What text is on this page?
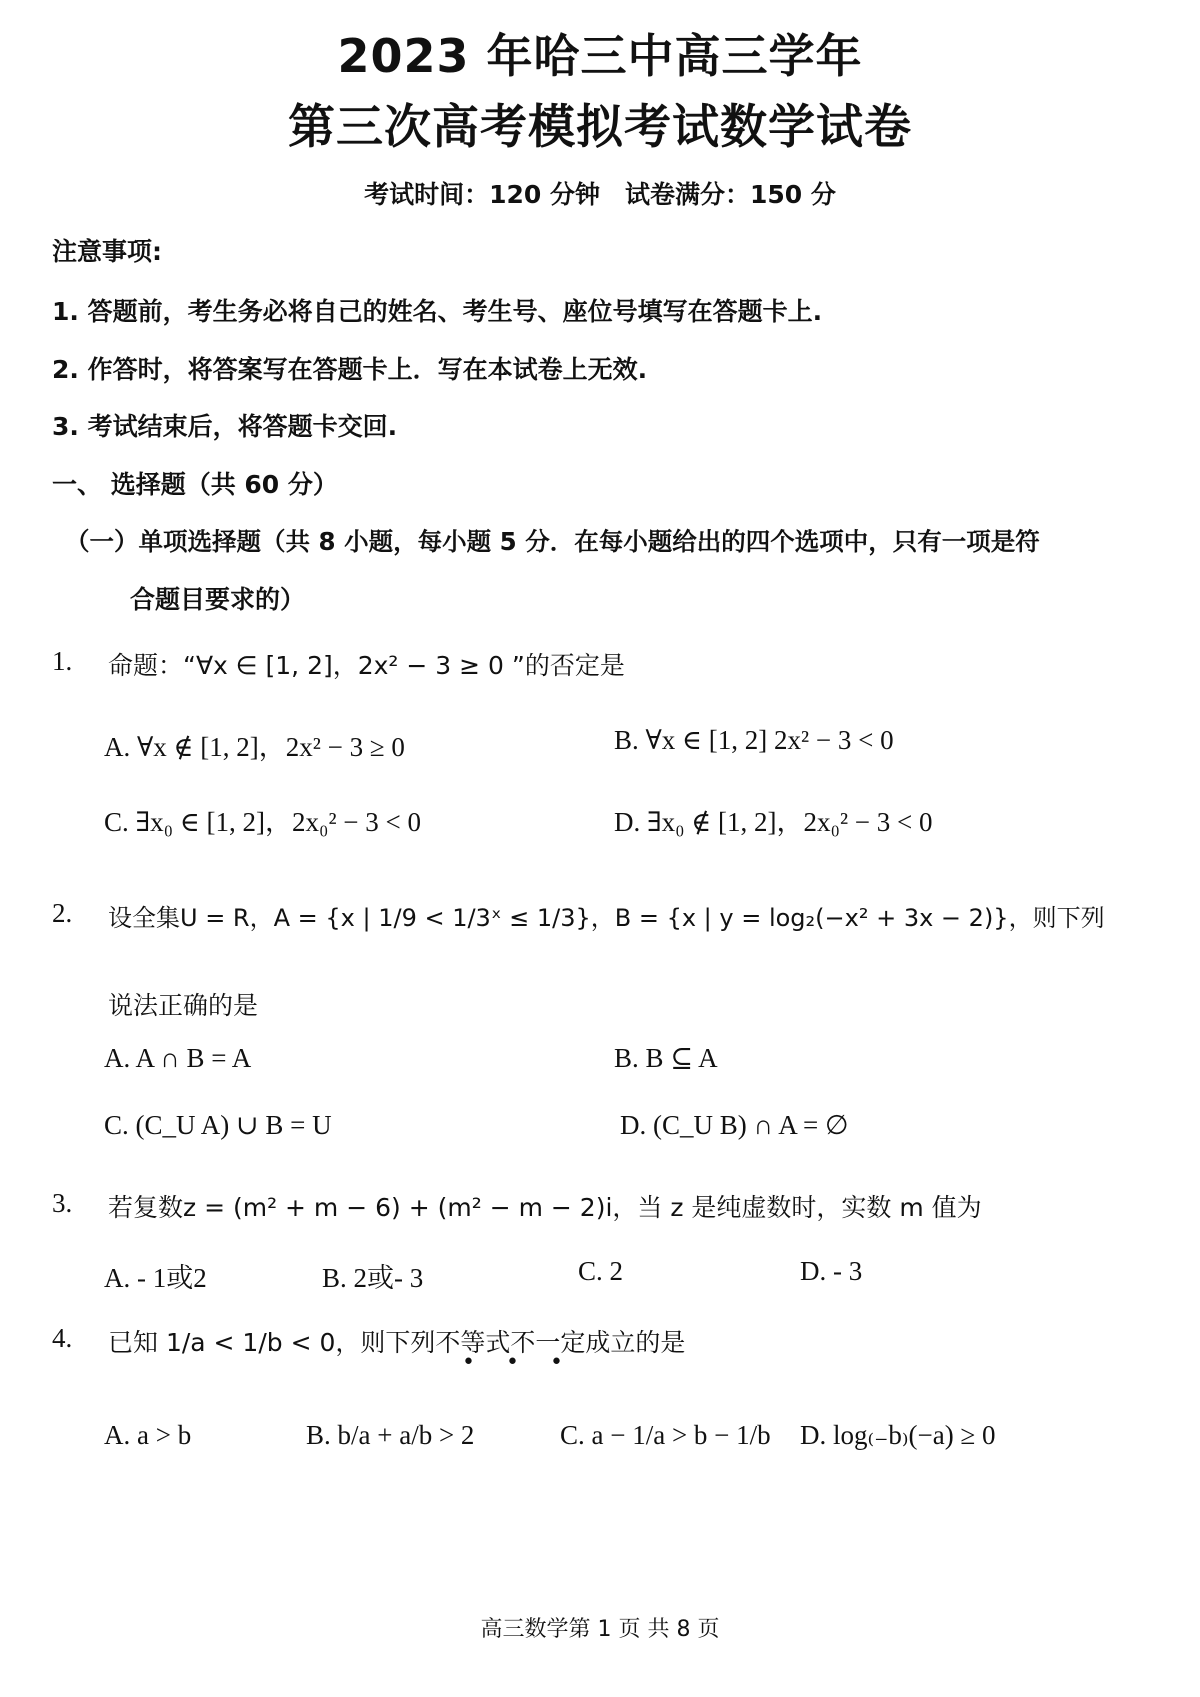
2023 年哈三中高三学年
第三次高考模拟考试数学试卷
考试时间：120 分钟　试卷满分：150 分
注意事项:
1. 答题前，考生务必将自己的姓名、考生号、座位号填写在答题卡上.
2. 作答时，将答案写在答题卡上．写在本试卷上无效.
3. 考试结束后，将答题卡交回.
一、 选择题（共 60 分）
（一）单项选择题（共 8 小题，每小题 5 分．在每小题给出的四个选项中，只有一项是符
合题目要求的）
1. 命题：“∀x ∈ [1, 2]，2x² − 3 ≥ 0 ”的否定是
A. ∀x ∉ [1, 2]，2x² − 3 ≥ 0	B. ∀x ∈ [1, 2] 2x² − 3 < 0
C. ∃x₀ ∈ [1, 2]，2x₀² − 3 < 0	D. ∃x₀ ∉ [1, 2]，2x₀² − 3 < 0
2. 设全集U = R，A = {x | 1/9 < 1/3ˣ ≤ 1/3}，B = {x | y = log₂(−x² + 3x − 2)}，则下列
说法正确的是
A. A ∩ B = A	B. B ⊆ A
C. (C_U A) ∪ B = U	D. (C_U B) ∩ A = ∅
3. 若复数z = (m² + m − 6) + (m² − m − 2)i，当 z 是纯虚数时，实数 m 值为
A. - 1或2	B. 2或- 3	C. 2	D. - 3
4. 已知 1/a < 1/b < 0，则下列不等式不一定成立的是
• • •
A. a > b	B. b/a + a/b > 2	C. a − 1/a > b − 1/b D. log₍₋b₎(−a) ≥ 0
高三数学第 1 页 共 8 页
